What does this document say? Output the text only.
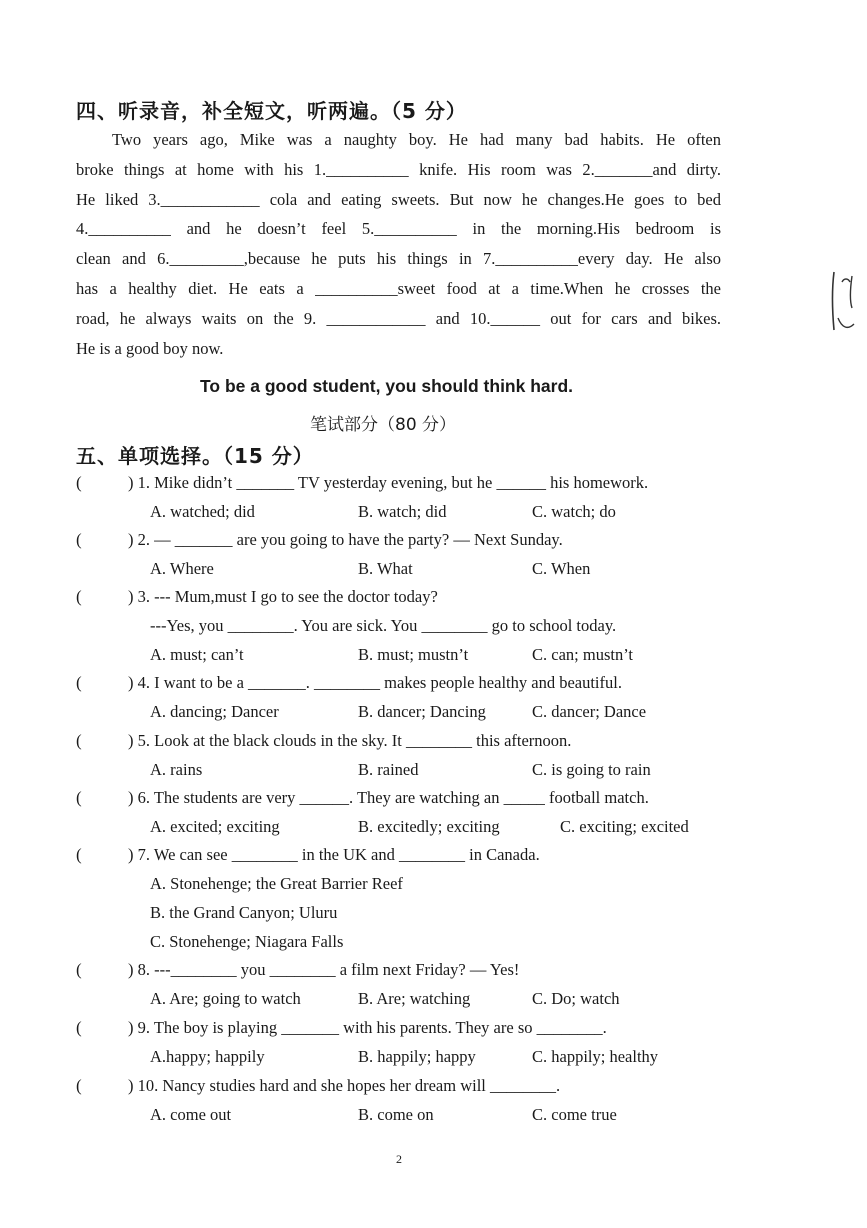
四、听录音，补全短文，听两遍。（5 分）
Two years ago, Mike was a naughty boy. He had many bad habits. He often
broke things at home with his 1.__________ knife. His room was 2._______and dirty.
He liked 3.____________ cola and eating sweets. But now he changes.He goes to bed
4.__________ and he doesn’t feel 5.__________ in the morning.His bedroom is
clean and 6._________,because he puts his things in 7.__________every day. He also
has a healthy diet. He eats a __________sweet food at a time.When he crosses the
road, he always waits on the 9. ____________ and 10.______ out for cars and bikes.
He is a good boy now.
To be a good student, you should think hard.
笔试部分（80 分）
五、单项选择。（15 分）
(	) 1. Mike didn’t _______ TV yesterday evening, but he ______ his homework.
A. watched; did	B. watch; did	C. watch; do
(	) 2. — _______ are you going to have the party? — Next Sunday.
A. Where	B. What	C. When
(	) 3. --- Mum,must I go to see the doctor today?
---Yes, you ________. You are sick. You ________ go to school today.
A. must; can’t	B. must; mustn’t	C. can; mustn’t
(	) 4. I want to be a _______. ________ makes people healthy and beautiful.
A. dancing; Dancer	B. dancer; Dancing	C. dancer; Dance
(	) 5. Look at the black clouds in the sky. It ________ this afternoon.
A. rains	B. rained	C. is going to rain
(	) 6. The students are very ______. They are watching an _____ football match.
A. excited; exciting	B. excitedly; exciting	C. exciting; excited
(	) 7. We can see ________ in the UK and ________ in Canada.
A. Stonehenge; the Great Barrier Reef
B. the Grand Canyon; Uluru
C. Stonehenge; Niagara Falls
(	) 8. ---________ you ________ a film next Friday? — Yes!
A. Are; going to watch	B. Are; watching	C. Do; watch
(	) 9. The boy is playing _______ with his parents. They are so ________.
A.happy; happily	B. happily; happy	C. happily; healthy
(	) 10. Nancy studies hard and she hopes her dream will ________.
A. come out	B. come on	C. come true
2
